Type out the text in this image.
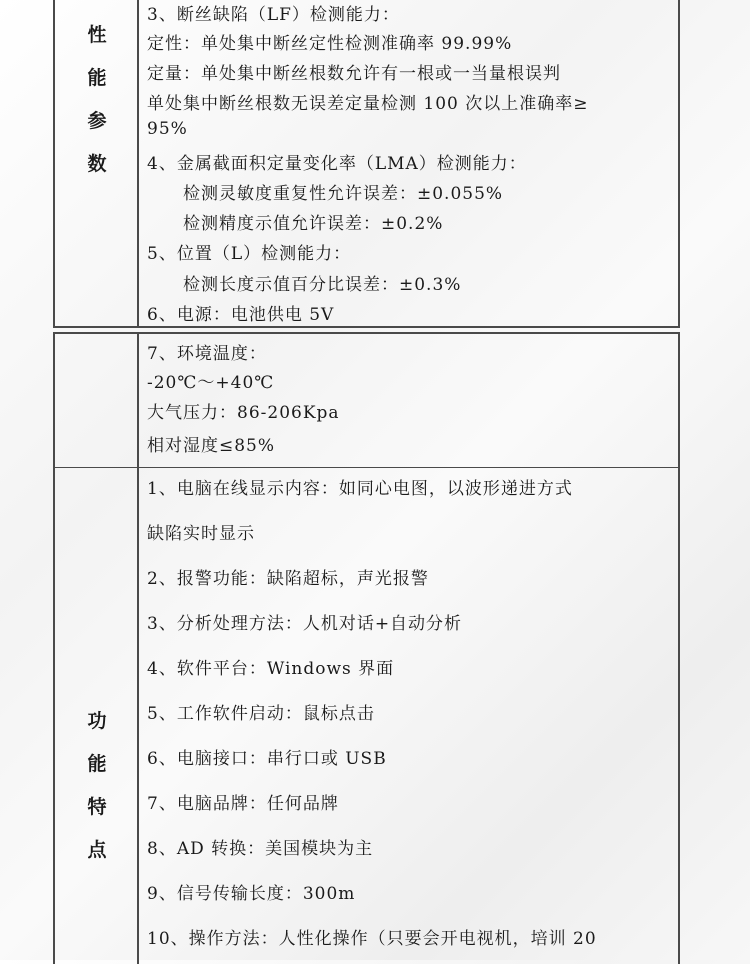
性
能
参
数
3、断丝缺陷（LF）检测能力：
定性：单处集中断丝定性检测准确率 99.99%
定量：单处集中断丝根数允许有一根或一当量根误判
单处集中断丝根数无误差定量检测 100 次以上准确率≥
95%
4、金属截面积定量变化率（LMA）检测能力：
检测灵敏度重复性允许误差：±0.055%
检测精度示值允许误差：±0.2%
5、位置（L）检测能力：
检测长度示值百分比误差：±0.3%
6、电源：电池供电 5V
7、环境温度：
-20℃～+40℃
大气压力：86-206Kpa
相对湿度≤85%
功
能
特
点
1、电脑在线显示内容：如同心电图，以波形递进方式
缺陷实时显示
2、报警功能：缺陷超标，声光报警
3、分析处理方法：人机对话+自动分析
4、软件平台：Windows 界面
5、工作软件启动：鼠标点击
6、电脑接口：串行口或 USB
7、电脑品牌：任何品牌
8、AD 转换：美国模块为主
9、信号传输长度：300m
10、操作方法：人性化操作（只要会开电视机，培训 20
